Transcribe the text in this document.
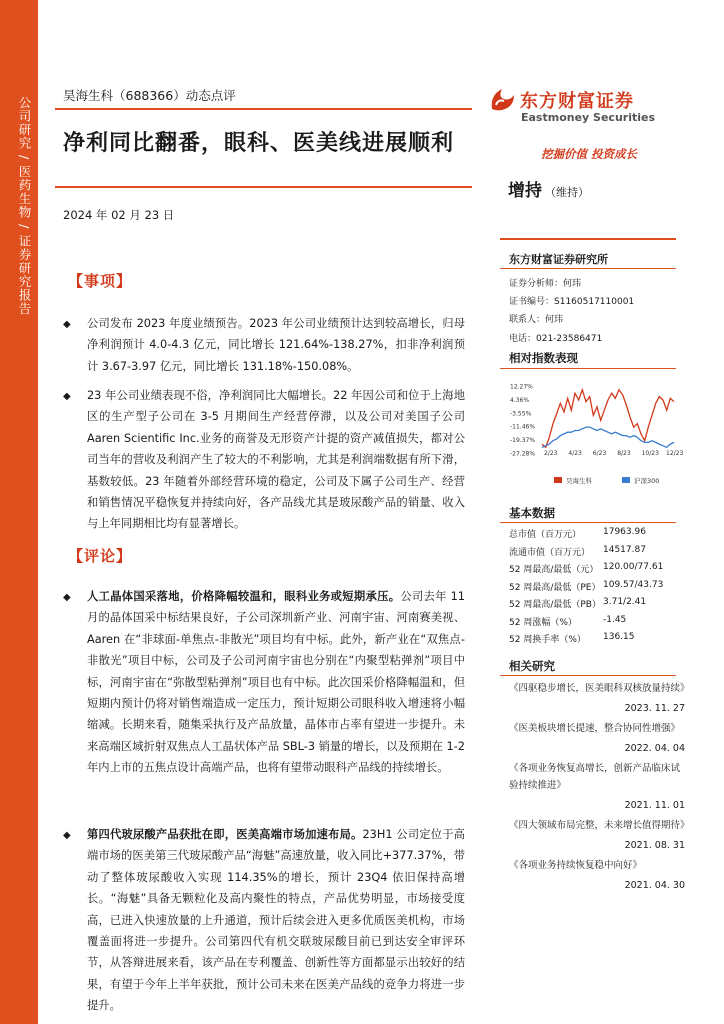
公司研究 / 医药生物 / 证券研究报告
昊海生科（688366）动态点评
净利同比翻番，眼科、医美线进展顺利
2024 年 02 月 23 日
东方财富证券
Eastmoney Securities
挖掘价值 投资成长
增持 （维持）
东方财富证券研究所
证券分析师：何玮
证书编号：S1160517110001
联系人：何玮
电话：021-23586471
相对指数表现
12.27%
4.36%
-3.55%
-11.46%
-19.37%
-27.28% 2/23 4/23 6/23 8/23 10/23 12/23
昊海生科	沪深300
基本数据
总市值（百万元） 17963.96
流通市值（百万元） 14517.87
52 周最高/最低（元） 120.00/77.61
52 周最高/最低（PE） 109.57/43.73
52 周最高/最低（PB） 3.71/2.41
52 周涨幅（%）	-1.45
52 周换手率（%） 136.15
相关研究
《四驱稳步增长，医美眼科双核放量持续》
2023. 11. 27
《医美板块增长提速，整合协同性增强》
2022. 04. 04
《各项业务恢复高增长，创新产品临床试验持续推进》
2021. 11. 01
《四大领域布局完整，未来增长值得期待》
2021. 08. 31
《各项业务持续恢复稳中向好》
2021. 04. 30
【事项】
◆ 公司发布 2023 年度业绩预告。2023 年公司业绩预计达到较高增长，归母净利润预计 4.0-4.3 亿元，同比增长 121.64%-138.27%，扣非净利润预计 3.67-3.97 亿元，同比增长 131.18%-150.08%。
◆ 23 年公司业绩表现不俗，净利润同比大幅增长。22 年因公司和位于上海地区的生产型子公司在 3-5 月期间生产经营停滞，以及公司对美国子公司 Aaren Scientific Inc.业务的商誉及无形资产计提的资产减值损失，都对公司当年的营收及利润产生了较大的不利影响，尤其是利润端数据有所下滑，基数较低。23 年随着外部经营环境的稳定，公司及下属子公司生产、经营和销售情况平稳恢复并持续向好，各产品线尤其是玻尿酸产品的销量、收入与上年同期相比均有显著增长。
【评论】
◆ 人工晶体国采落地，价格降幅较温和，眼科业务或短期承压。公司去年 11 月的晶体国采中标结果良好，子公司深圳新产业、河南宇宙、河南赛美视、Aaren 在“非球面-单焦点-非散光”项目均有中标。此外，新产业在“双焦点-非散光”项目中标，公司及子公司河南宇宙也分别在“内聚型粘弹剂”项目中标，河南宇宙在“弥散型粘弹剂”项目也有中标。此次国采价格降幅温和，但短期内预计仍将对销售端造成一定压力，预计短期公司眼科收入增速将小幅缩减。长期来看，随集采执行及产品放量，晶体市占率有望进一步提升。未来高端区域折射双焦点人工晶状体产品 SBL-3 销量的增长，以及预期在 1-2 年内上市的五焦点设计高端产品，也将有望带动眼科产品线的持续增长。
◆ 第四代玻尿酸产品获批在即，医美高端市场加速布局。23H1 公司定位于高端市场的医美第三代玻尿酸产品“海魅”高速放量，收入同比+377.37%，带动了整体玻尿酸收入实现 114.35%的增长，预计 23Q4 依旧保持高增长。“海魅”具备无颗粒化及高内聚性的特点，产品优势明显，市场接受度高，已进入快速放量的上升通道，预计后续会进入更多优质医美机构，市场覆盖面将进一步提升。公司第四代有机交联玻尿酸目前已到达安全审评环节，从答辩进展来看，该产品在专利覆盖、创新性等方面都显示出较好的结果，有望于今年上半年获批，预计公司未来在医美产品线的竞争力将进一步提升。
